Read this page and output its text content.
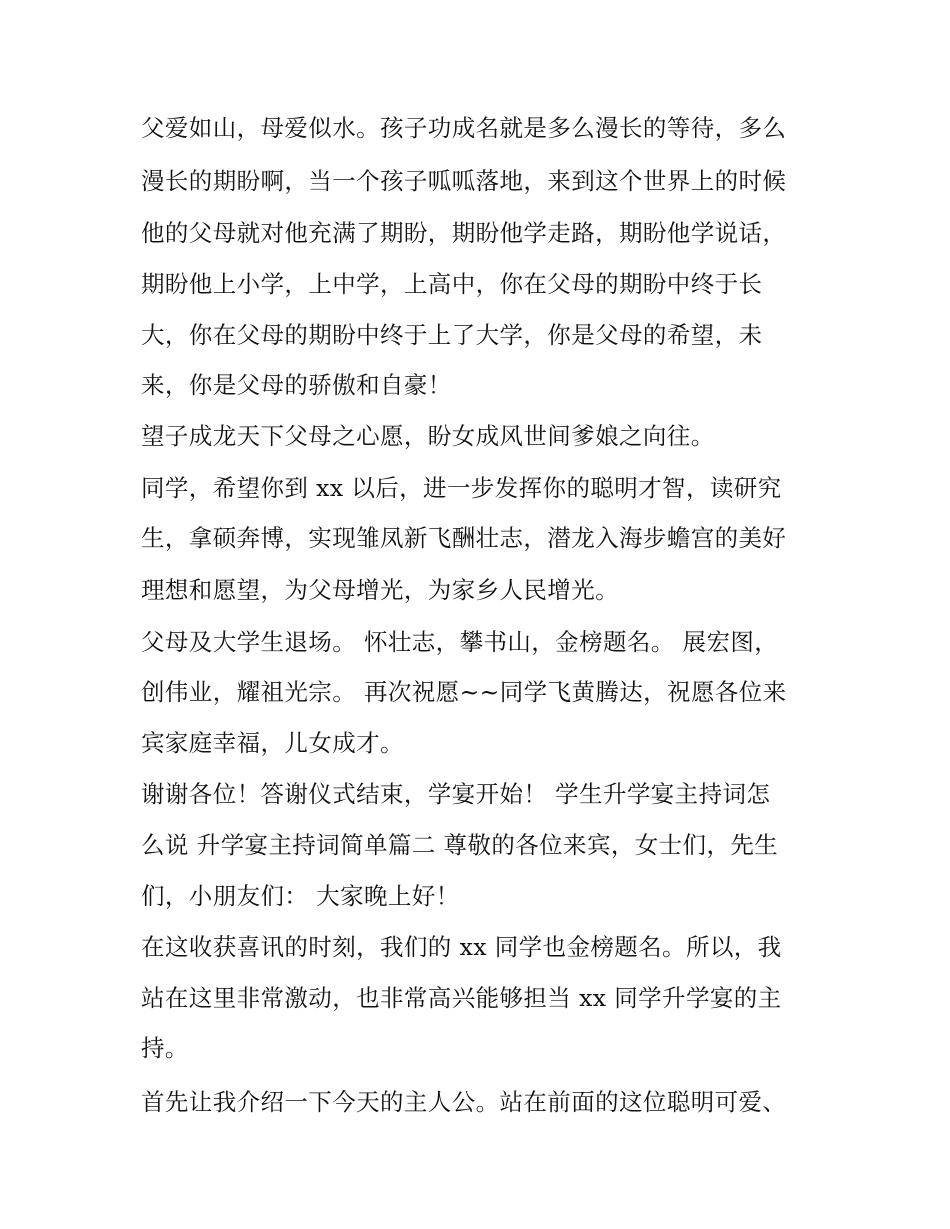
父爱如山，母爱似水。孩子功成名就是多么漫长的等待，多么
漫长的期盼啊，当一个孩子呱呱落地，来到这个世界上的时候
他的父母就对他充满了期盼，期盼他学走路，期盼他学说话，
期盼他上小学，上中学，上高中，你在父母的期盼中终于长
大，你在父母的期盼中终于上了大学，你是父母的希望，未
来，你是父母的骄傲和自豪！
望子成龙天下父母之心愿，盼女成风世间爹娘之向往。
同学，希望你到 xx 以后，进一步发挥你的聪明才智，读研究
生，拿硕奔博，实现雏凤新飞酬壮志，潜龙入海步蟾宫的美好
理想和愿望，为父母增光，为家乡人民增光。
父母及大学生退场。 怀壮志，攀书山，金榜题名。 展宏图，
创伟业，耀祖光宗。 再次祝愿~~同学飞黄腾达，祝愿各位来
宾家庭幸福，儿女成才。
谢谢各位！答谢仪式结束，学宴开始！ 学生升学宴主持词怎
么说 升学宴主持词简单篇二 尊敬的各位来宾，女士们，先生
们，小朋友们： 大家晚上好！
在这收获喜讯的时刻，我们的 xx 同学也金榜题名。所以，我
站在这里非常激动，也非常高兴能够担当 xx 同学升学宴的主
持。
首先让我介绍一下今天的主人公。站在前面的这位聪明可爱、
